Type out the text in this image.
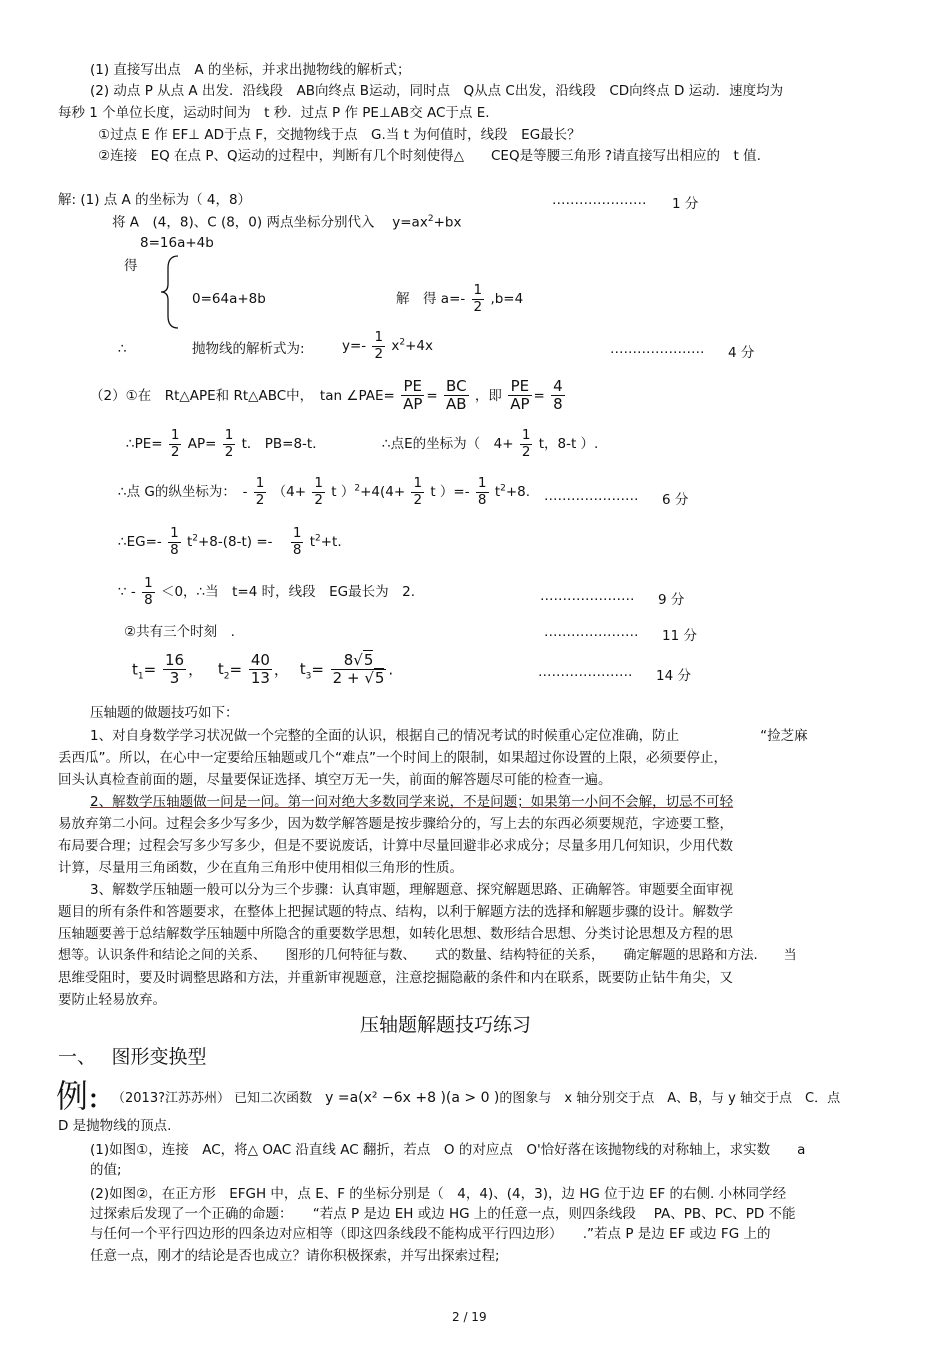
(1) 直接写出点　A 的坐标，并求出抛物线的解析式；
(2) 动点 P 从点 A 出发．沿线段　AB向终点 B运动，同时点　Q从点 C出发，沿线段　CD向终点 D 运动．速度均为
每秒 1 个单位长度，运动时间为　t 秒．过点 P 作 PE⊥AB交 AC于点 E.
①过点 E 作 EF⊥ AD于点 F，交抛物线于点　G.当 t 为何值时，线段　EG最长？
②连接　EQ 在点 P、Q运动的过程中，判断有几个时刻使得△　　CEQ是等腰三角形 ?请直接写出相应的　t 值.
解: (1) 点 A 的坐标为（ 4，8）	………………… 1 分
将 A　(4，8)、C (8，0) 两点坐标分别代入　 $y=ax^2+bx$
8=16a+4b
得
0=64a+8b	解　得 $a=- \frac{1}{2} ,b=4$
∴	抛物线的解析式为:	$y=- \frac{1}{2} x^2+4x$	………………… 4 分
（2）①在　Rt△APE和 Rt△ABC中，　tan ∠PAE= $\frac{PE}{AP} = \frac{BC}{AB}$ ，即 $\frac{PE}{AP} = \frac{4}{8}$
∴PE= $\frac{1}{2} AP= \frac{1}{2}$ t． PB=8-t．	∴点E的坐标为（　$4+ \frac{1}{2}$ t，8-t ）.
∴点 G的纵坐标为：　- $\frac{1}{2} (4+ \frac{1}{2}$ t ）$^2+4(4+ \frac{1}{2}$ t ）=- $\frac{1}{8} t^2+8$. ………………… 6 分
∴EG=- $\frac{1}{8} t^2+8-(8-t) =- \frac{1}{8} t^2+t$.
∵ - $\frac{1}{8} <0$，∴当　t=4 时，线段　EG最长为　2.	………………… 9 分
②共有三个时刻　.	………………… 11 分
$t_1= \frac{16}{3}$ ， $t_2= \frac{40}{13}$ ， $t_3= \frac{8√5}{2 + √5}$ .	………………… 14 分
压轴题的做题技巧如下：
1、对自身数学学习状况做一个完整的全面的认识，根据自己的情况考试的时候重心定位准确，防止　　　　　　“捡芝麻
丢西瓜”。所以，在心中一定要给压轴题或几个“难点”一个时间上的限制，如果超过你设置的上限，必须要停止，
回头认真检查前面的题，尽量要保证选择、填空万无一失，前面的解答题尽可能的检查一遍。
2、解数学压轴题做一问是一问。第一问对绝大多数同学来说，不是问题；如果第一小问不会解，切忌不可轻
易放弃第二小问。过程会多少写多少，因为数学解答题是按步骤给分的，写上去的东西必须要规范，字迹要工整，
布局要合理；过程会写多少写多少，但是不要说废话，计算中尽量回避非必求成分；尽量多用几何知识，少用代数
计算，尽量用三角函数，少在直角三角形中使用相似三角形的性质。
3、解数学压轴题一般可以分为三个步骤：认真审题，理解题意、探究解题思路、正确解答。审题要全面审视
题目的所有条件和答题要求，在整体上把握试题的特点、结构，以利于解题方法的选择和解题步骤的设计。解数学
压轴题要善于总结解数学压轴题中所隐含的重要数学思想，如转化思想、数形结合思想、分类讨论思想及方程的思
想等。认识条件和结论之间的关系、　　图形的几何特征与数、　　式的数量、结构特征的关系，　　确定解题的思路和方法.　　当
思维受阻时，要及时调整思路和方法，并重新审视题意，注意挖掘隐蔽的条件和内在联系，既要防止钻牛角尖，又
要防止轻易放弃。
压轴题解题技巧练习
一、　 图形变换型
例: （2013?江苏苏州） 已知二次函数　y =a(x² −6x +8 )(a > 0 )的图象与　x 轴分别交于点　A、B，与 y 轴交于点　C．点
D 是抛物线的顶点.
(1)如图①，连接　AC，将△ OAC 沿直线 AC 翻折，若点　O 的对应点　O'恰好落在该抛物线的对称轴上，求实数　　a
的值;
(2)如图②，在正方形　EFGH 中，点 E、F 的坐标分别是（　4，4)、(4，3)，边 HG 位于边 EF 的右侧. 小林同学经
过探索后发现了一个正确的命题：　　“若点 P 是边 EH 或边 HG 上的任意一点，则四条线段　 PA、PB、PC、PD 不能
与任何一个平行四边形的四条边对应相等（即这四条线段不能构成平行四边形）　　.”若点 P 是边 EF 或边 FG 上的
任意一点，刚才的结论是否也成立？请你积极探索，并写出探索过程;
2 / 19
